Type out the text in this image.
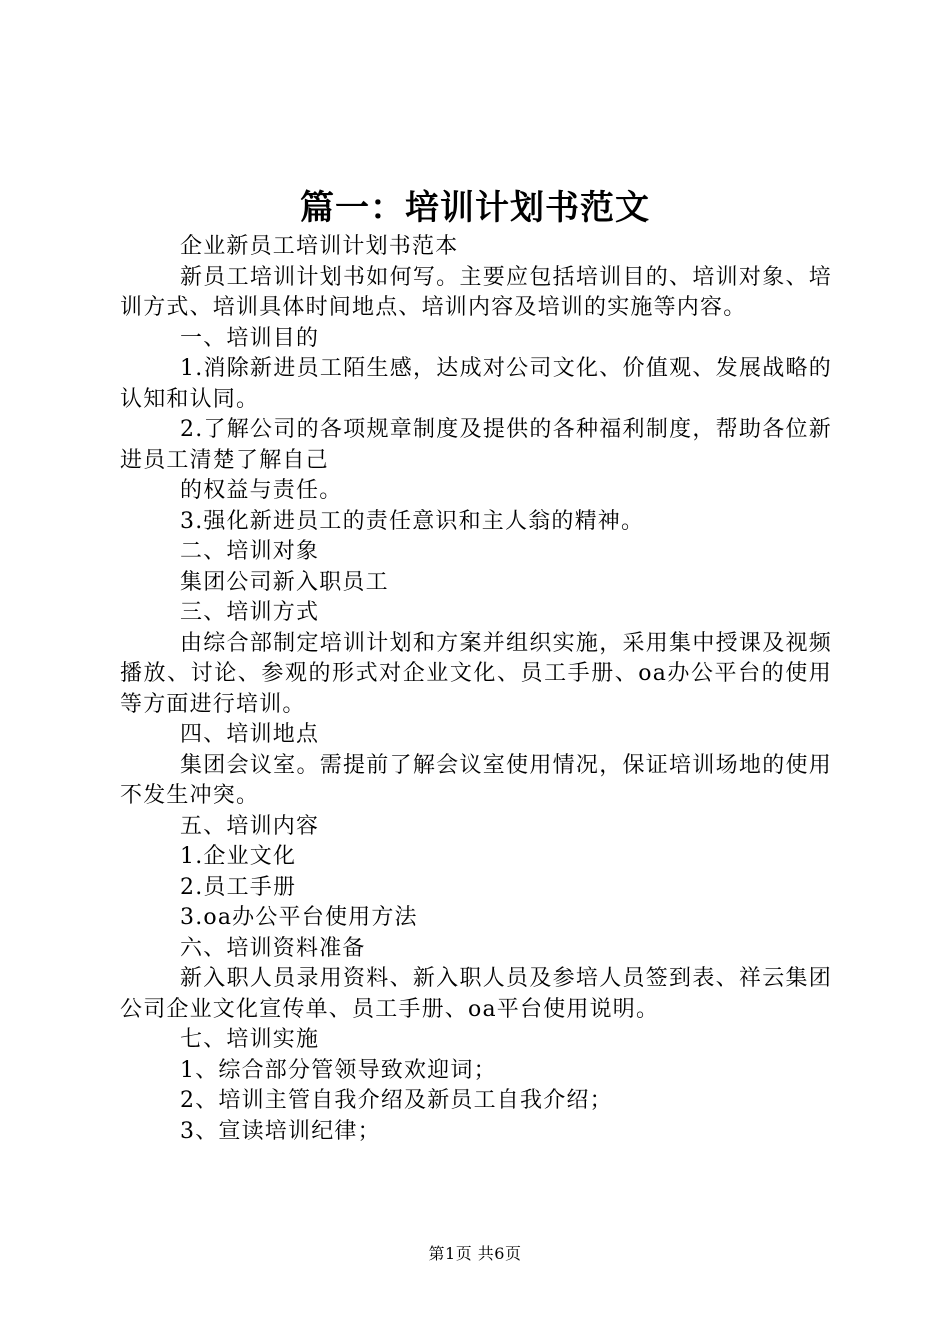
篇一：培训计划书范文

企业新员工培训计划书范本

新员工培训计划书如何写。主要应包括培训目的、培训对象、培训方式、培训具体时间地点、培训内容及培训的实施等内容。

一、培训目的

1.消除新进员工陌生感，达成对公司文化、价值观、发展战略的认知和认同。

2.了解公司的各项规章制度及提供的各种福利制度，帮助各位新进员工清楚了解自己

的权益与责任。

3.强化新进员工的责任意识和主人翁的精神。

二、培训对象

集团公司新入职员工

三、培训方式

由综合部制定培训计划和方案并组织实施，采用集中授课及视频播放、讨论、参观的形式对企业文化、员工手册、oa办公平台的使用等方面进行培训。

四、培训地点

集团会议室。需提前了解会议室使用情况，保证培训场地的使用不发生冲突。

五、培训内容

1.企业文化

2.员工手册

3.oa办公平台使用方法

六、培训资料准备

新入职人员录用资料、新入职人员及参培人员签到表、祥云集团公司企业文化宣传单、员工手册、oa平台使用说明。

七、培训实施

1、综合部分管领导致欢迎词；

2、培训主管自我介绍及新员工自我介绍；

3、宣读培训纪律；

第1页 共6页
